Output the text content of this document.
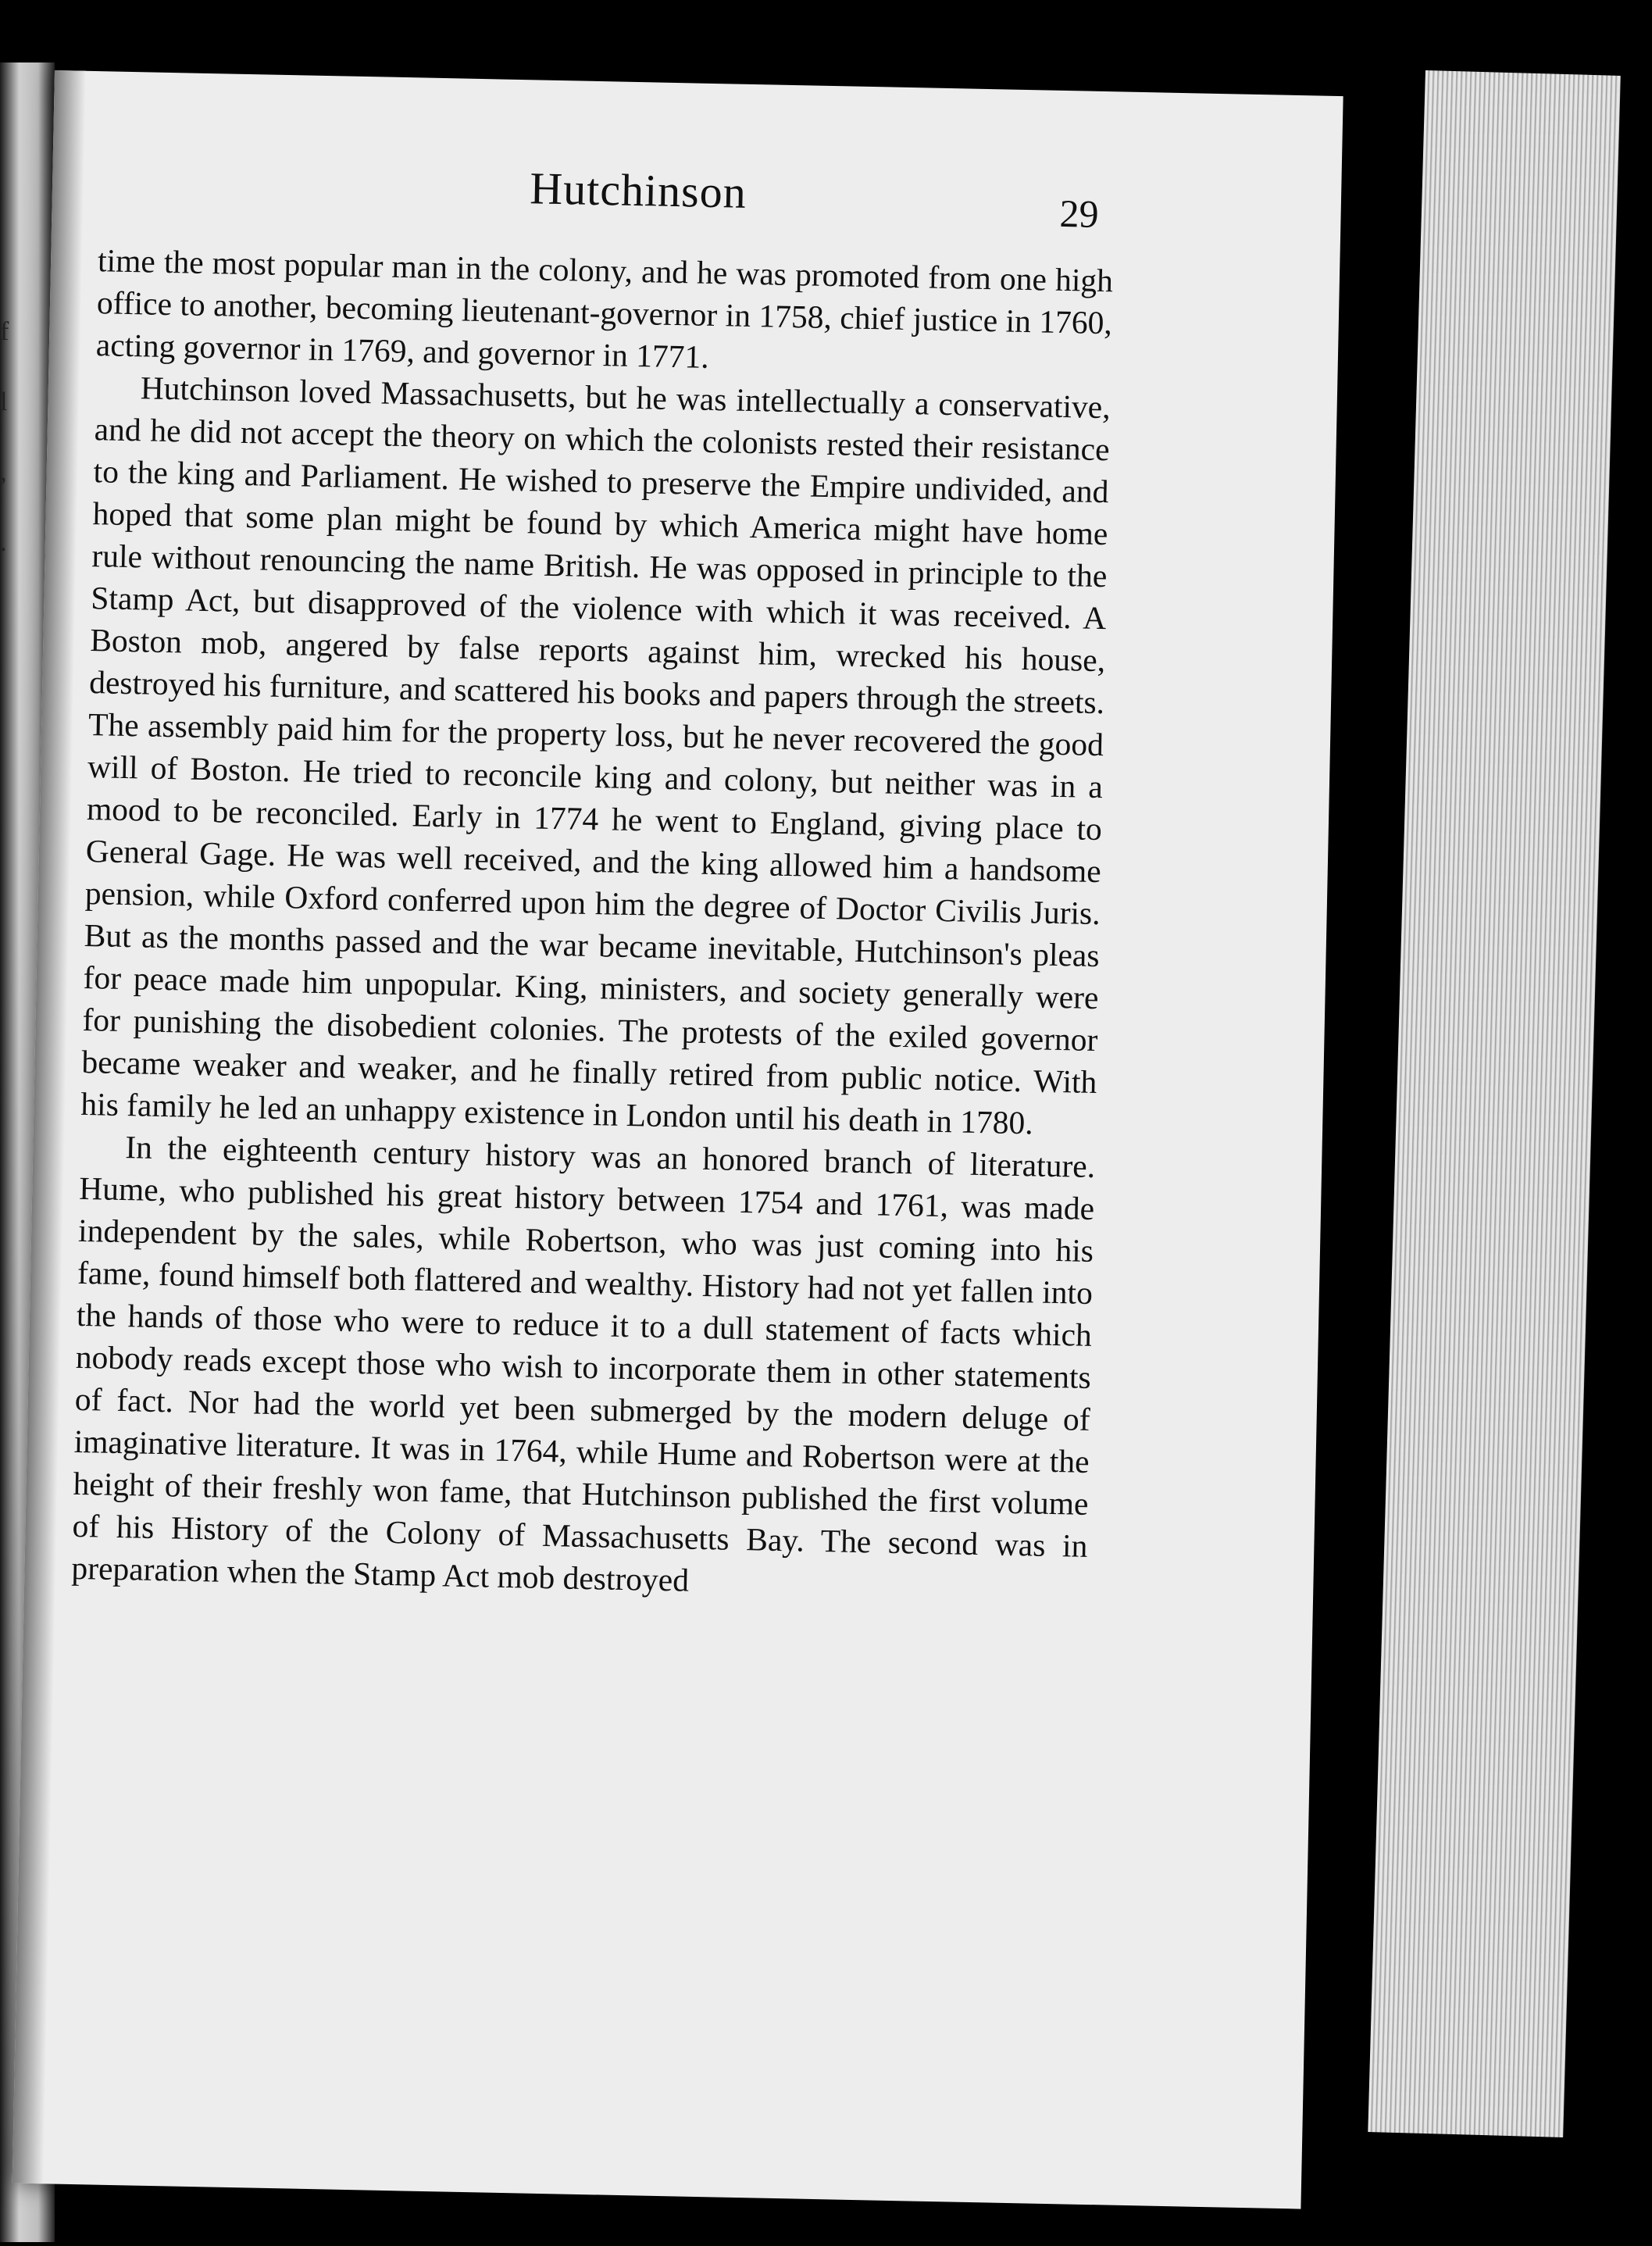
f
l
,
.
Hutchinson	29

time the most popular man in the colony, and he was promoted from one high office to another, becoming lieutenant-governor in 1758, chief justice in 1760, acting governor in 1769, and governor in 1771.

Hutchinson loved Massachusetts, but he was intellectually a conservative, and he did not accept the theory on which the colonists rested their resistance to the king and Parliament. He wished to preserve the Empire undivided, and hoped that some plan might be found by which America might have home rule without renouncing the name British. He was opposed in principle to the Stamp Act, but disapproved of the violence with which it was received. A Boston mob, angered by false reports against him, wrecked his house, destroyed his furniture, and scattered his books and papers through the streets. The assembly paid him for the property loss, but he never recovered the good will of Boston. He tried to reconcile king and colony, but neither was in a mood to be reconciled. Early in 1774 he went to England, giving place to General Gage. He was well received, and the king allowed him a handsome pension, while Oxford conferred upon him the degree of Doctor Civilis Juris. But as the months passed and the war became inevitable, Hutchinson's pleas for peace made him unpopular. King, ministers, and society generally were for punishing the disobedient colonies. The protests of the exiled governor became weaker and weaker, and he finally retired from public notice. With his family he led an unhappy existence in London until his death in 1780.

In the eighteenth century history was an honored branch of literature. Hume, who published his great history between 1754 and 1761, was made independent by the sales, while Robertson, who was just coming into his fame, found himself both flattered and wealthy. History had not yet fallen into the hands of those who were to reduce it to a dull statement of facts which nobody reads except those who wish to incorporate them in other statements of fact. Nor had the world yet been submerged by the modern deluge of imaginative literature. It was in 1764, while Hume and Robertson were at the height of their freshly won fame, that Hutchinson published the first volume of his History of the Colony of Massachusetts Bay. The second was in preparation when the Stamp Act mob destroyed
